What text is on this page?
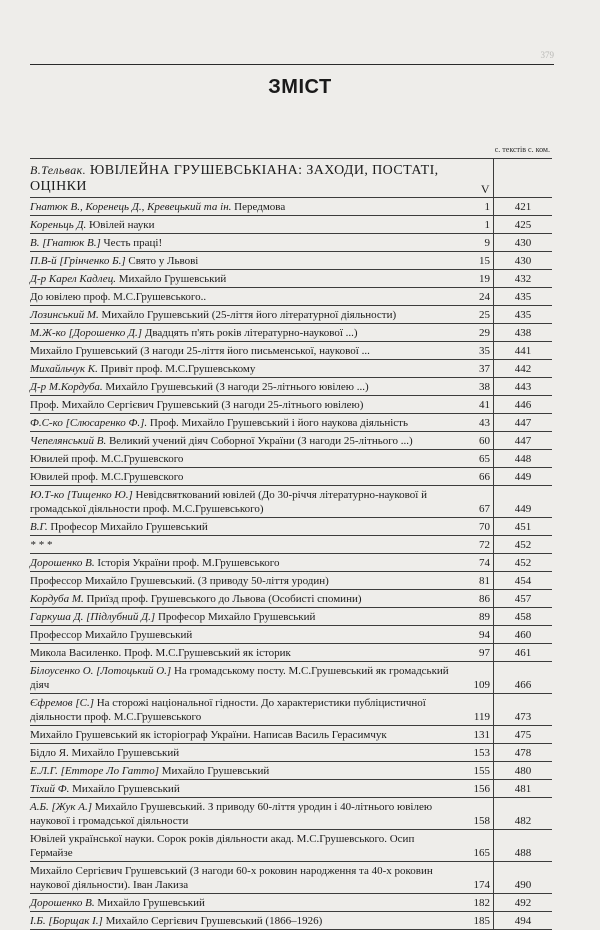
379
ЗМІСТ
с. текстів с. ком.
В.Тельвак. ЮВІЛЕЙНА ГРУШЕВСЬКІАНА: ЗАХОДИ, ПОСТАТІ, ОЦІНКИ	V
Гнатюк В., Коренець Д., Кревецький та ін. Передмова	1	421
Кореньць Д. Ювілей науки	1	425
В. [Гнатюк В.] Честь праці!	9	430
П.В-й [Грінченко Б.] Свято у Львові	15	430
Д-р Карел Кадлец. Михайло Грушевський	19	432
До ювілею проф. М.С.Грушевського..	24	435
Лозинський М. Михайло Грушевський (25-ліття його літературної діяльности)	25	435
М.Ж-ко [Дорошенко Д.] Двадцять п'ять років літературно-наукової ...)	29	438
Михайло Грушевський (З нагоди 25-ліття його письменської, наукової ...	35	441
Михайльчук К. Привіт проф. М.С.Грушевському	37	442
Д-р М.Кордуба. Михайло Грушевський (З нагоди 25-літнього ювілею ...)	38	443
Проф. Михайло Сергієвич Грушевський (З нагоди 25-літнього ювілею)	41	446
Ф.С-ко [Слюсаренко Ф.]. Проф. Михайло Грушевський і його наукова діяльність	43	447
Чепелянський В. Великий учений діяч Соборної України (З нагоди 25-літнього ...)	60	447
Ювилей проф. М.С.Грушевского	65	448
Ювилей проф. М.С.Грушевского	66	449
Ю.Т-ко [Тищенко Ю.] Невідсвяткований ювілей (До 30-річчя літературно-наукової й громадської діяльности проф. М.С.Грушевського)	67	449
В.Г. Професор Михайло Грушевський	70	451
* * *	72	452
Дорошенко В. Історія України проф. М.Грушевського	74	452
Профессор Михайло Грушевський. (З приводу 50-ліття уродин)	81	454
Кордуба М. Приїзд проф. Грушевського до Львова (Особисті спомини)	86	457
Гаркуша Д. [Підлубний Д.] Професор Михайло Грушевський	89	458
Профессор Михайло Грушевський	94	460
Микола Василенко. Проф. М.С.Грушевський як історик	97	461
Білоусенко О. [Лотоцький О.] На громадському посту. М.С.Грушевський як громадський діяч	109	466
Єфремов [С.] На сторожі національної гідности. До характеристики публіцистичної діяльности проф. М.С.Грушевського	119	473
Михайло Грушевський як історіограф України. Написав Василь Герасимчук	131	475
Бідло Я. Михайло Грушевський	153	478
Е.Л.Г. [Етторе Ло Гатто] Михайло Грушевський	155	480
Тіхий Ф. Михайло Грушевський	156	481
А.Б. [Жук А.] Михайло Грушевський. З приводу 60-ліття уродин і 40-літнього ювілею наукової і громадської діяльности	158	482
Ювілей української науки. Сорок років діяльности акад. М.С.Грушевського. Осип Гермайзе	165	488
Михайло Сергієвич Грушевський (З нагоди 60-х роковин народження та 40-х роковин наукової діяльности). Іван Лакиза	174	490
Дорошенко В. Михайло Грушевський	182	492
І.Б. [Борщак І.] Михайло Сергієвич Грушевський (1866–1926)	185	494
